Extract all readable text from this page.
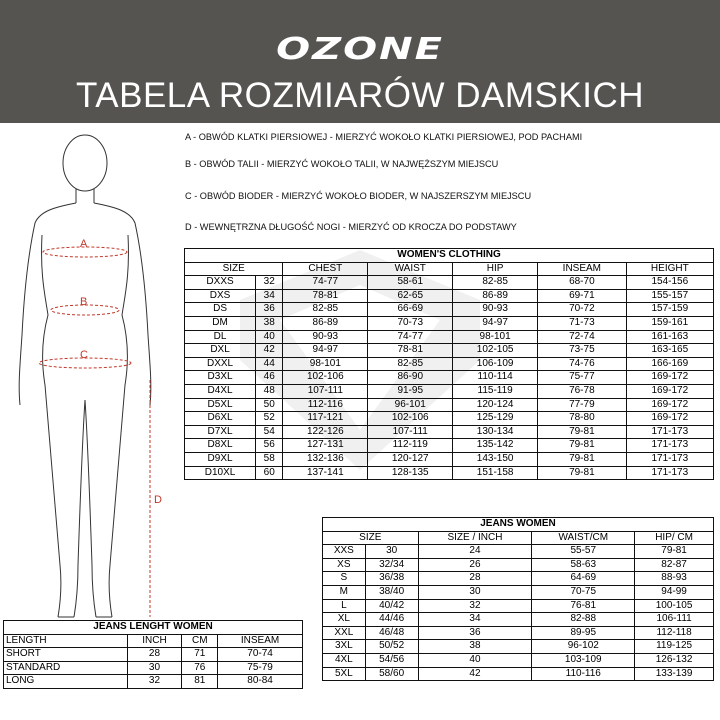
OZONE
TABELA ROZMIARÓW DAMSKICH
A - OBWÓD KLATKI PIERSIOWEJ - MIERZYĆ WOKOŁO KLATKI PIERSIOWEJ, POD PACHAMI
B - OBWÓD TALII - MIERZYĆ WOKOŁO TALII, W NAJWĘŻSZYM MIEJSCU
C - OBWÓD BIODER - MIERZYĆ WOKOŁO BIODER, W NAJSZERSZYM MIEJSCU
D - WEWNĘTRZNA DŁUGOŚĆ NOGI - MIERZYĆ OD KROCZA DO PODSTAWY
A
B
C
D
WOMEN'S CLOTHING						
SIZE		CHEST	WAIST	HIP	INSEAM	HEIGHT
DXXS	32	74-77	58-61	82-85	68-70	154-156
DXS	34	78-81	62-65	86-89	69-71	155-157
DS	36	82-85	66-69	90-93	70-72	157-159
DM	38	86-89	70-73	94-97	71-73	159-161
DL	40	90-93	74-77	98-101	72-74	161-163
DXL	42	94-97	78-81	102-105	73-75	163-165
DXXL	44	98-101	82-85	106-109	74-76	166-169
D3XL	46	102-106	86-90	110-114	75-77	169-172
D4XL	48	107-111	91-95	115-119	76-78	169-172
D5XL	50	112-116	96-101	120-124	77-79	169-172
D6XL	52	117-121	102-106	125-129	78-80	169-172
D7XL	54	122-126	107-111	130-134	79-81	171-173
D8XL	56	127-131	112-119	135-142	79-81	171-173
D9XL	58	132-136	120-127	143-150	79-81	171-173
D10XL	60	137-141	128-135	151-158	79-81	171-173
JEANS WOMEN				
SIZE		SIZE / INCH	WAIST/CM	HIP/ CM
XXS	30	24	55-57	79-81
XS	32/34	26	58-63	82-87
S	36/38	28	64-69	88-93
M	38/40	30	70-75	94-99
L	40/42	32	76-81	100-105
XL	44/46	34	82-88	106-111
XXL	46/48	36	89-95	112-118
3XL	50/52	38	96-102	119-125
4XL	54/56	40	103-109	126-132
5XL	58/60	42	110-116	133-139
JEANS LENGHT WOMEN			
LENGTH	INCH	CM	INSEAM
SHORT	28	71	70-74
STANDARD	30	76	75-79
LONG	32	81	80-84
